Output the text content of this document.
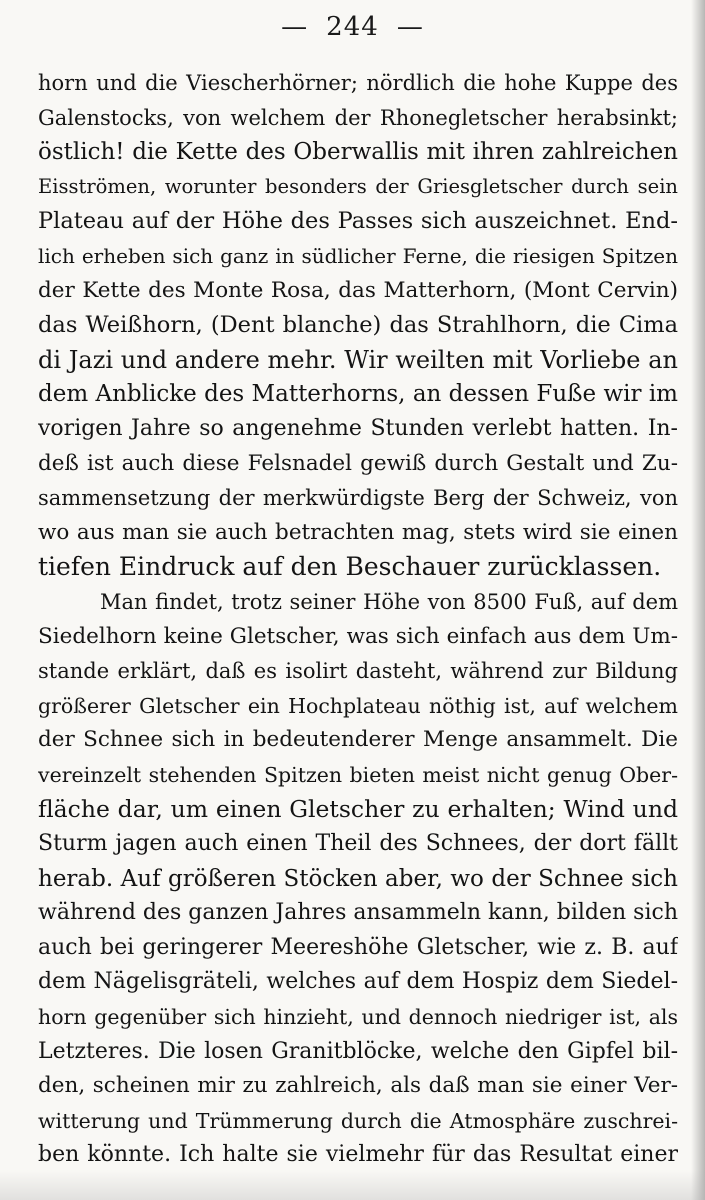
— 244 —
horn und die Viescherhörner; nördlich die hohe Kuppe des
Galenstocks, von welchem der Rhonegletscher herabsinkt;
östlich! die Kette des Oberwallis mit ihren zahlreichen
Eisströmen, worunter besonders der Griesgletscher durch sein
Plateau auf der Höhe des Passes sich auszeichnet. End-
lich erheben sich ganz in südlicher Ferne, die riesigen Spitzen
der Kette des Monte Rosa, das Matterhorn, (Mont Cervin)
das Weißhorn, (Dent blanche) das Strahlhorn, die Cima
di Jazi und andere mehr. Wir weilten mit Vorliebe an
dem Anblicke des Matterhorns, an dessen Fuße wir im
vorigen Jahre so angenehme Stunden verlebt hatten. In-
deß ist auch diese Felsnadel gewiß durch Gestalt und Zu-
sammensetzung der merkwürdigste Berg der Schweiz, von
wo aus man sie auch betrachten mag, stets wird sie einen
tiefen Eindruck auf den Beschauer zurücklassen.
Man findet, trotz seiner Höhe von 8500 Fuß, auf dem
Siedelhorn keine Gletscher, was sich einfach aus dem Um-
stande erklärt, daß es isolirt dasteht, während zur Bildung
größerer Gletscher ein Hochplateau nöthig ist, auf welchem
der Schnee sich in bedeutenderer Menge ansammelt. Die
vereinzelt stehenden Spitzen bieten meist nicht genug Ober-
fläche dar, um einen Gletscher zu erhalten; Wind und
Sturm jagen auch einen Theil des Schnees, der dort fällt
herab. Auf größeren Stöcken aber, wo der Schnee sich
während des ganzen Jahres ansammeln kann, bilden sich
auch bei geringerer Meereshöhe Gletscher, wie z. B. auf
dem Nägelisgräteli, welches auf dem Hospiz dem Siedel-
horn gegenüber sich hinzieht, und dennoch niedriger ist, als
Letzteres. Die losen Granitblöcke, welche den Gipfel bil-
den, scheinen mir zu zahlreich, als daß man sie einer Ver-
witterung und Trümmerung durch die Atmosphäre zuschrei-
ben könnte. Ich halte sie vielmehr für das Resultat einer
